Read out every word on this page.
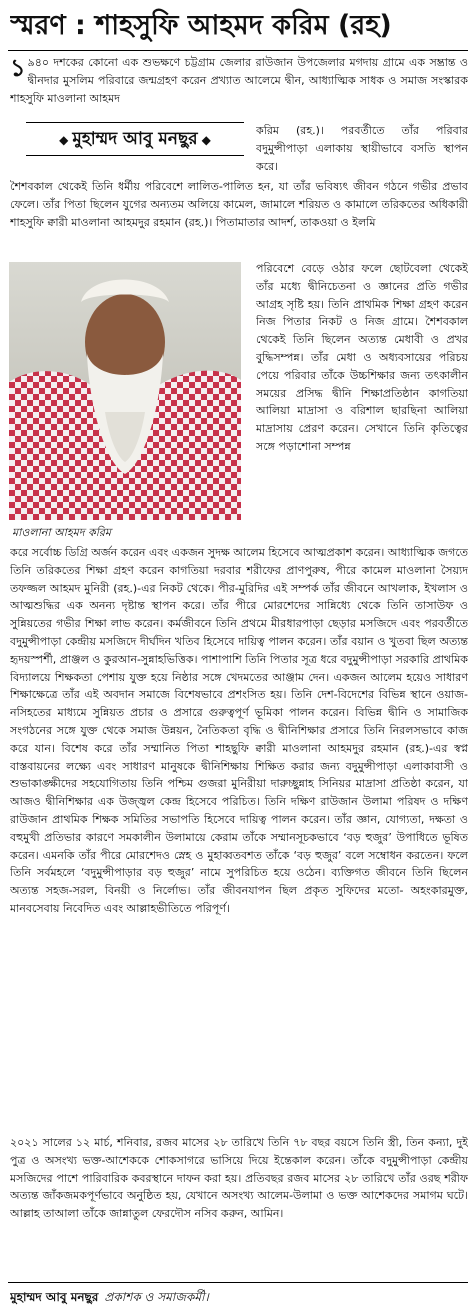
স্মরণ : শাহসুফি আহমদ করিম (রহ)

১ ৯৪০ দশকের কোনো এক শুভক্ষণে চট্টগ্রাম জেলার রাউজান উপজেলার মগদায় গ্রামে এক সম্ভ্রান্ত ও দ্বীনদার মুসলিম পরিবারে জন্মগ্রহণ করেন প্রখ্যাত আলেমে দ্বীন, আধ্যাত্মিক সাধক ও সমাজ সংস্কারক শাহসুফি মাওলানা আহমদ

◆ মুহাম্মদ আবু মনছুর ◆

করিম (রহ.)। পরবর্তীতে তাঁর পরিবার বদুমুন্সীপাড়া এলাকায় স্থায়ীভাবে বসতি স্থাপন করে।

শৈশবকাল থেকেই তিনি ধর্মীয় পরিবেশে লালিত-পালিত হন, যা তাঁর ভবিষ্যৎ জীবন গঠনে গভীর প্রভাব ফেলে। তাঁর পিতা ছিলেন যুগের অন্যতম অলিয়ে কামেল, জামালে শরিয়ত ও কামালে তরিকতের অধিকারী শাহসুফি ক্বারী মাওলানা আহমদুর রহমান (রহ.)। পিতামাতার আদর্শ, তাকওয়া ও ইলমি

মাওলানা আহমদ করিম

পরিবেশে বেড়ে ওঠার ফলে ছোটবেলা থেকেই তাঁর মধ্যে দ্বীনিচেতনা ও জ্ঞানের প্রতি গভীর আগ্রহ সৃষ্টি হয়। তিনি প্রাথমিক শিক্ষা গ্রহণ করেন নিজ পিতার নিকট ও নিজ গ্রামে। শৈশবকাল থেকেই তিনি ছিলেন অত্যন্ত মেধাবী ও প্রখর বুদ্ধিসম্পন্ন। তাঁর মেধা ও অধ্যবসায়ের পরিচয় পেয়ে পরিবার তাঁকে উচ্চশিক্ষার জন্য তৎকালীন সময়ের প্রসিদ্ধ দ্বীনি শিক্ষাপ্রতিষ্ঠান কাগতিয়া আলিয়া মাদ্রাসা ও বরিশাল ছারছিনা আলিয়া মাদ্রাসায় প্রেরণ করেন। সেখানে তিনি কৃতিত্বের সঙ্গে পড়াশোনা সম্পন্ন

করে সর্বোচ্চ ডিগ্রি অর্জন করেন এবং একজন সুদক্ষ আলেম হিসেবে আত্মপ্রকাশ করেন। আধ্যাত্মিক জগতে তিনি তরিকতের শিক্ষা গ্রহণ করেন কাগতিয়া দরবার শরীফের প্রাণপুরুষ, পীরে কামেল মাওলানা সৈয়্যদ তফজ্জল আহমদ মুনিরী (রহ.)-এর নিকট থেকে। পীর-মুরিদির এই সম্পর্ক তাঁর জীবনে আখলাক, ইখলাস ও আত্মশুদ্ধির এক অনন্য দৃষ্টান্ত স্থাপন করে। তাঁর পীরে মোরশেদের সান্নিধ্যে থেকে তিনি তাসাউফ ও সুন্নিয়তের গভীর শিক্ষা লাভ করেন। কর্মজীবনে তিনি প্রথমে মীরধারপাড়া ছেড়ার মসজিদে এবং পরবর্তীতে বদুমুন্সীপাড়া কেন্দ্রীয় মসজিদে দীর্ঘদিন খতিব হিসেবে দায়িত্ব পালন করেন। তাঁর বয়ান ও খুতবা ছিল অত্যন্ত হৃদয়স্পর্শী, প্রাঞ্জল ও কুরআন-সুন্নাহভিত্তিক। পাশাপাশি তিনি পিতার সূত্র ধরে বদুমুন্সীপাড়া সরকারি প্রাথমিক বিদ্যালয়ে শিক্ষকতা পেশায় যুক্ত হয়ে নিষ্ঠার সঙ্গে খেদমতের আঞ্জাম দেন। একজন আলেম হয়েও সাধারণ শিক্ষাক্ষেত্রে তাঁর এই অবদান সমাজে বিশেষভাবে প্রশংসিত হয়। তিনি দেশ-বিদেশের বিভিন্ন স্থানে ওয়াজ-নসিহতের মাধ্যমে সুন্নিয়ত প্রচার ও প্রসারে গুরুত্বপূর্ণ ভূমিকা পালন করেন। বিভিন্ন দ্বীনি ও সামাজিক সংগঠনের সঙ্গে যুক্ত থেকে সমাজ উন্নয়ন, নৈতিকতা বৃদ্ধি ও দ্বীনিশিক্ষার প্রসারে তিনি নিরলসভাবে কাজ করে যান। বিশেষ করে তাঁর সম্মানিত পিতা শাহছুফি ক্বারী মাওলানা আহমদুর রহমান (রহ.)-এর স্বপ্ন বাস্তবায়নের লক্ষ্যে এবং সাধারণ মানুষকে দ্বীনিশিক্ষায় শিক্ষিত করার জন্য বদুমুন্সীপাড়া এলাকাবাসী ও শুভাকাঙ্ক্ষীদের সহযোগিতায় তিনি পশ্চিম গুজরা মুনিরীয়া দারুচ্ছুন্নাহ সিনিয়র মাদ্রাসা প্রতিষ্ঠা করেন, যা আজও দ্বীনিশিক্ষার এক উজ্জ্বল কেন্দ্র হিসেবে পরিচিত। তিনি দক্ষিণ রাউজান উলামা পরিষদ ও দক্ষিণ রাউজান প্রাথমিক শিক্ষক সমিতির সভাপতি হিসেবে দায়িত্ব পালন করেন। তাঁর জ্ঞান, যোগ্যতা, দক্ষতা ও বহুমুখী প্রতিভার কারণে সমকালীন উলামায়ে কেরাম তাঁকে সম্মানসূচকভাবে ‘বড় হুজুর’ উপাধিতে ভূষিত করেন। এমনকি তাঁর পীরে মোরশেদও স্নেহ ও মুহাব্বতবশত তাঁকে ‘বড় হুজুর’ বলে সম্বোধন করতেন। ফলে তিনি সর্বমহলে ‘বদুমুন্সীপাড়ার বড় হুজুর’ নামে সুপরিচিত হয়ে ওঠেন। ব্যক্তিগত জীবনে তিনি ছিলেন অত্যন্ত সহজ-সরল, বিনয়ী ও নির্লোভ। তাঁর জীবনযাপন ছিল প্রকৃত সুফিদের মতো- অহংকারমুক্ত, মানবসেবায় নিবেদিত এবং আল্লাহভীতিতে পরিপূর্ণ।

২০২১ সালের ১২ মার্চ, শনিবার, রজব মাসের ২৮ তারিখে তিনি ৭৮ বছর বয়সে তিনি স্ত্রী, তিন কন্যা, দুই পুত্র ও অসংখ্য ভক্ত-আশেককে শোকসাগরে ভাসিয়ে দিয়ে ইন্তেকাল করেন। তাঁকে বদুমুন্সীপাড়া কেন্দ্রীয় মসজিদের পাশে পারিবারিক কবরস্থানে দাফন করা হয়। প্রতিবছর রজব মাসের ২৮ তারিখে তাঁর ওরছ শরীফ অত্যন্ত জাঁকজমকপূর্ণভাবে অনুষ্ঠিত হয়, যেখানে অসংখ্য আলেম-উলামা ও ভক্ত আশেকদের সমাগম ঘটে। আল্লাহ তাআলা তাঁকে জান্নাতুল ফেরদৌস নসিব করুন, আমিন।

মুহাম্মদ আবু মনছুর প্রকাশক ও সমাজকর্মী।
